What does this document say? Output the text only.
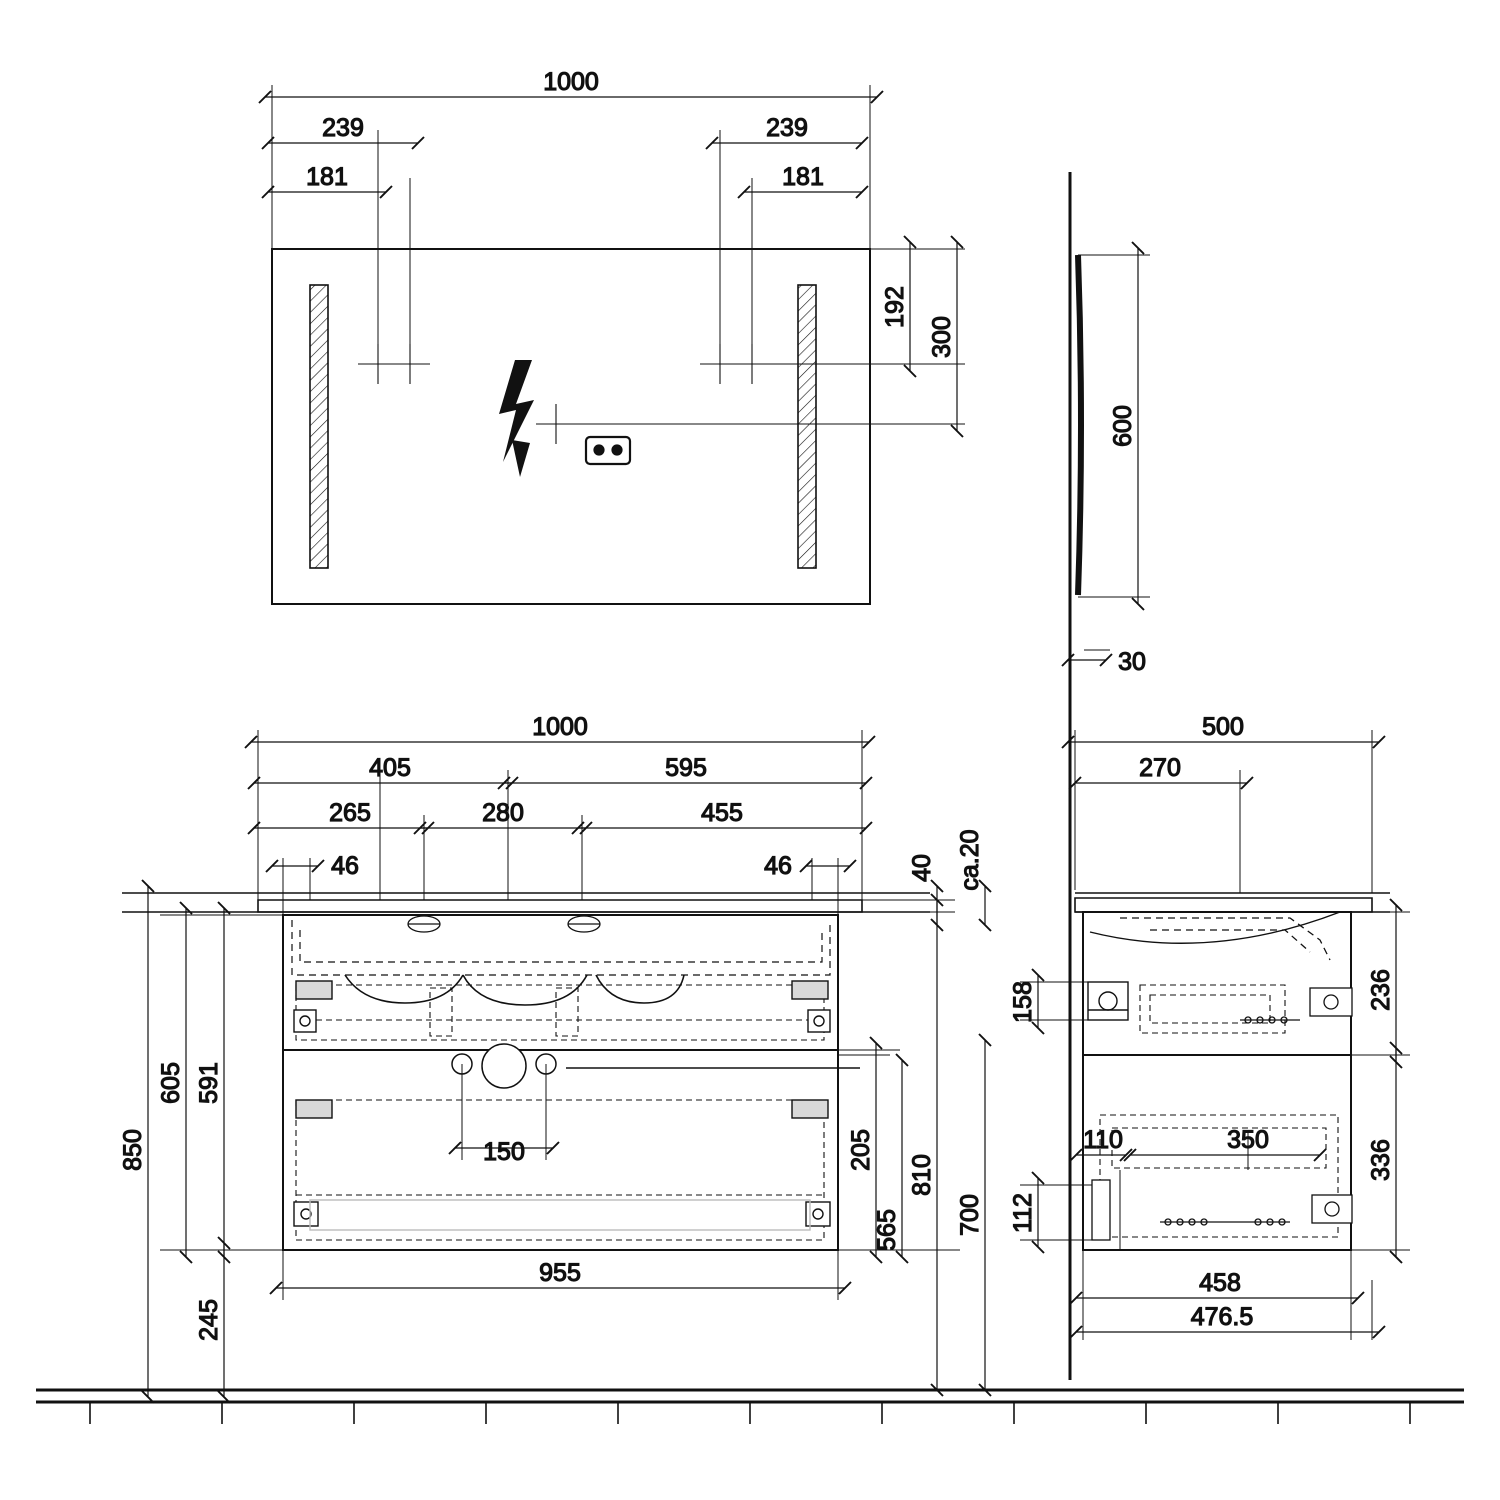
1000
239
181
239
181
192
300
600
30
1000
405	595
265	280	455
46	46
955
150
605 591
850
245
40 ca.20
205
565
810
700
500
270
110	350
458
476.5
236
336
158
112
